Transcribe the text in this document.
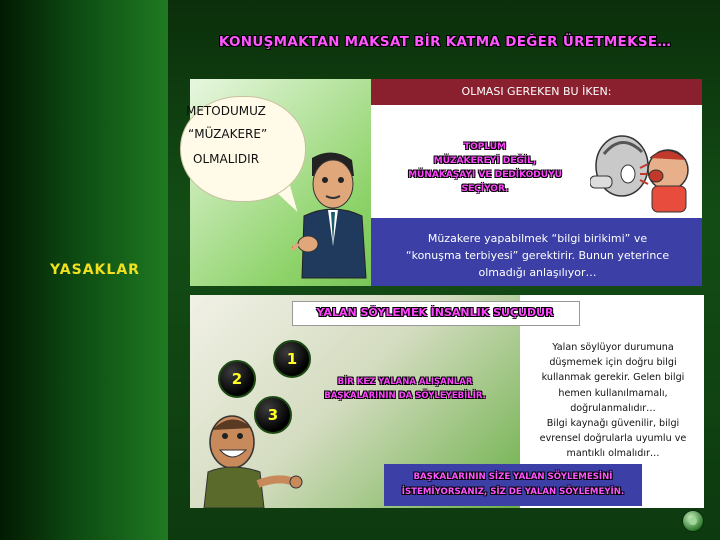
KONUŞMAKTAN MAKSAT BİR KATMA DEĞER ÜRETMEKSE…
OLMASI GEREKEN BU İKEN:
TOPLUM
MÜZAKEREYİ DEĞİL,
MÜNAKAŞAYI VE DEDİKODUYU
SEÇİYOR.
Müzakere yapabilmek “bilgi birikimi” ve
“konuşma terbiyesi” gerektirir. Bunun yeterince
olmadığı anlaşılıyor…
METODUMUZ
“MÜZAKERE”
OLMALIDIR
YASAKLAR
Yalan söylüyor durumuna
düşmemek için doğru bilgi
kullanmak gerekir. Gelen bilgi
hemen kullanılmamalı,
doğrulanmalıdır…
Bilgi kaynağı güvenilir, bilgi
evrensel doğrularla uyumlu ve
mantıklı olmalıdır…
YALAN SÖYLEMEK İNSANLIK SUÇUDUR
1
2
3
BİR KEZ YALANA ALIŞANLAR
BAŞKALARININ DA SÖYLEYEBİLİR.
BAŞKALARININ SİZE YALAN SÖYLEMESİNİ
İSTEMİYORSANIZ, SİZ DE YALAN SÖYLEMEYİN.
